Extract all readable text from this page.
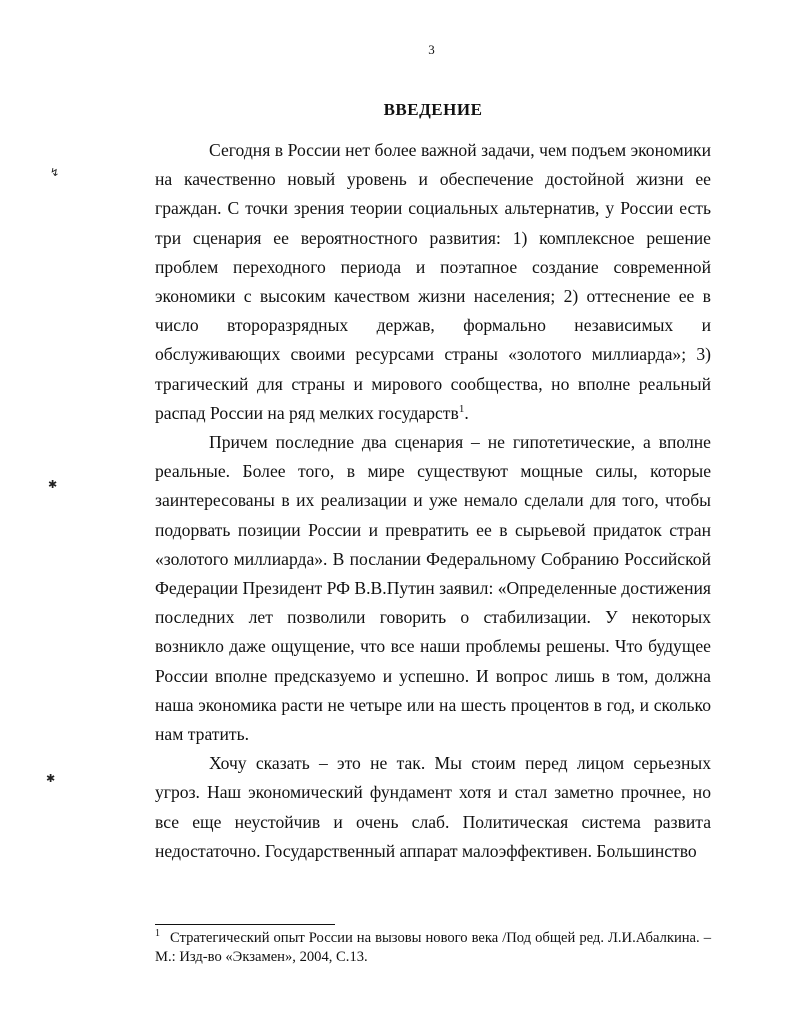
3
ВВЕДЕНИЕ

Сегодня в России нет более важной задачи, чем подъем экономики на качественно новый уровень и обеспечение достойной жизни ее граждан. С точки зрения теории социальных альтернатив, у России есть три сценария ее вероятностного развития: 1) комплексное решение проблем переходного периода и поэтапное создание современной экономики с высоким качеством жизни населения; 2) оттеснение ее в число второразрядных держав, формально независимых и обслуживающих своими ресурсами страны «золотого миллиарда»; 3) трагический для страны и мирового сообщества, но вполне реальный распад России на ряд мелких государств$^1$.

Причем последние два сценария – не гипотетические, а вполне реальные. Более того, в мире существуют мощные силы, которые заинтересованы в их реализации и уже немало сделали для того, чтобы подорвать позиции России и превратить ее в сырьевой придаток стран «золотого миллиарда». В послании Федеральному Собранию Российской Федерации Президент РФ В.В.Путин заявил: «Определенные достижения последних лет позволили говорить о стабилизации. У некоторых возникло даже ощущение, что все наши проблемы решены. Что будущее России вполне предсказуемо и успешно. И вопрос лишь в том, должна наша экономика расти не четыре или на шесть процентов в год, и сколько нам тратить.

Хочу сказать – это не так. Мы стоим перед лицом серьезных угроз. Наш экономический фундамент хотя и стал заметно прочнее, но все еще неустойчив и очень слаб. Политическая система развита недостаточно. Государственный аппарат малоэффективен. Большинство

$^1$ Стратегический опыт России на вызовы нового века /Под общей ред. Л.И.Абалкина. – М.: Изд-во «Экзамен», 2004, С.13.
↯
✱
✱
